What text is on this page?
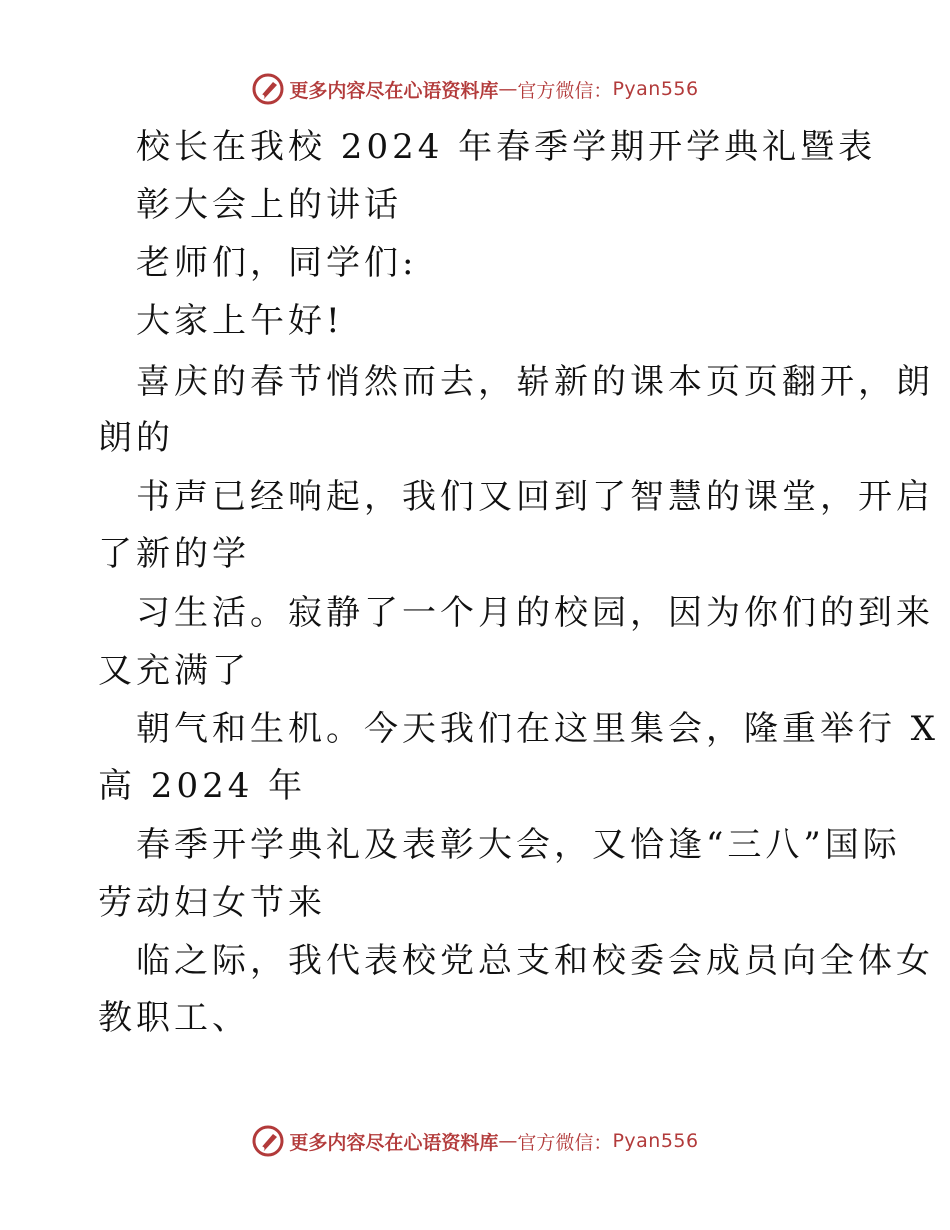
更多内容尽在心语资料库 — 官方微信： Pyan556
校长在我校 2024 年春季学期开学典礼暨表
彰大会上的讲话
老师们，同学们:
大家上午好!
喜庆的春节悄然而去，崭新的课本页页翻开，朗
朗的
书声已经响起，我们又回到了智慧的课堂，开启
了新的学
习生活。寂静了一个月的校园，因为你们的到来
又充满了
朝气和生机。今天我们在这里集会，隆重举行 X
高 2024 年
春季开学典礼及表彰大会，又恰逢“三八”国际
劳动妇女节来
临之际，我代表校党总支和校委会成员向全体女
教职工、
更多内容尽在心语资料库 — 官方微信： Pyan556
